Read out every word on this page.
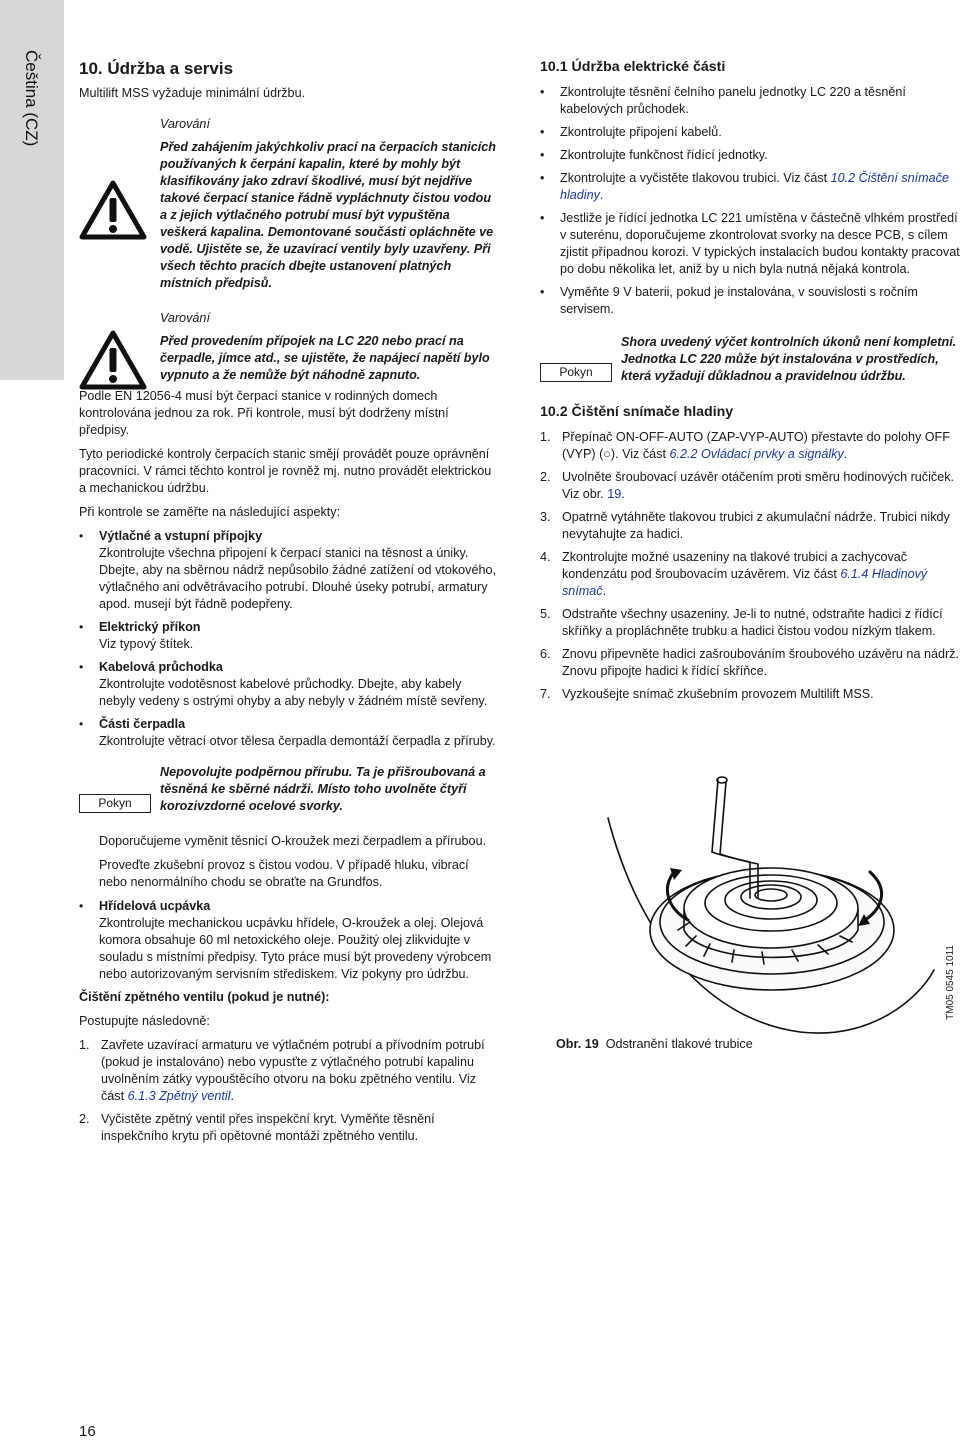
Čeština (CZ) 10. Údržba a servis

Multilift MSS vyžaduje minimální údržbu.

Varování
Před zahájením jakýchkoliv prací na čerpacích stanicích používaných k čerpání kapalin, které by mohly být klasifikovány jako zdraví škodlivé, musí být nejdříve takové čerpací stanice řádně vypláchnuty čistou vodou a z jejich výtlačného potrubí musí být vypuštěna veškerá kapalina. Demontované součásti opláchněte ve vodě. Ujistěte se, že uzavírací ventily byly uzavřeny. Při všech těchto pracích dbejte ustanovení platných místních předpisů.
Varování
Před provedením přípojek na LC 220 nebo prací na čerpadle, jímce atd., se ujistěte, že napájecí napětí bylo vypnuto a že nemůže být náhodně zapnuto.

Podle EN 12056-4 musí být čerpací stanice v rodinných domech kontrolována jednou za rok. Při kontrole, musí být dodrženy místní předpisy.

Tyto periodické kontroly čerpacích stanic smějí provádět pouze oprávnění pracovníci. V rámci těchto kontrol je rovněž mj. nutno provádět elektrickou a mechanickou údržbu.

Při kontrole se zaměřte na následující aspekty:

• Výtlačné a vstupní přípojky
Zkontrolujte všechna připojení k čerpací stanici na těsnost a úniky. Dbejte, aby na sběrnou nádrž nepůsobilo žádné zatížení od vtokového, výtlačného ani odvětrávacího potrubí. Dlouhé úseky potrubí, armatury apod. musejí být řádně podepřeny.
• Elektrický příkon
Viz typový štítek.
• Kabelová průchodka
Zkontrolujte vodotěsnost kabelové průchodky. Dbejte, aby kabely nebyly vedeny s ostrými ohyby a aby nebyly v žádném místě sevřeny.
• Části čerpadla
Zkontrolujte větrací otvor tělesa čerpadla demontáží čerpadla z příruby.
Pokyn
Nepovolujte podpěrnou přírubu. Ta je přišroubovaná a těsněná ke sběrné nádrži. Místo toho uvolněte čtyři korozivzdorné ocelové svorky.

Doporučujeme vyměnit těsnicí O-kroužek mezi čerpadlem a přírubou.

Proveďte zkušební provoz s čistou vodou. V případě hluku, vibrací nebo nenormálního chodu se obraťte na Grundfos.

• Hřídelová ucpávka
Zkontrolujte mechanickou ucpávku hřídele, O-kroužek a olej. Olejová komora obsahuje 60 ml netoxického oleje. Použitý olej zlikvidujte v souladu s místními předpisy. Tyto práce musí být provedeny výrobcem nebo autorizovaným servisním střediskem. Viz pokyny pro údržbu.

Čištění zpětného ventilu (pokud je nutné):

Postupujte následovně:

1. Zavřete uzavírací armaturu ve výtlačném potrubí a přívodním potrubí (pokud je instalováno) nebo vypusťte z výtlačného potrubí kapalinu uvolněním zátky vypouštěcího otvoru na boku zpětného ventilu. Viz část 6.1.3 Zpětný ventil.
2. Vyčistěte zpětný ventil přes inspekční kryt. Vyměňte těsnění inspekčního krytu při opětovné montáži zpětného ventilu.
10.1 Údržba elektrické části
• Zkontrolujte těsnění čelního panelu jednotky LC 220 a těsnění kabelových průchodek.
• Zkontrolujte připojení kabelů.
• Zkontrolujte funkčnost řídící jednotky.
• Zkontrolujte a vyčistěte tlakovou trubici. Viz část 10.2 Čištění snímače hladiny.
• Jestliže je řídící jednotka LC 221 umístěna v částečně vlhkém prostředí v suterénu, doporučujeme zkontrolovat svorky na desce PCB, s cílem zjistit případnou korozi. V typických instalacích budou kontakty pracovat po dobu několika let, aniž by u nich byla nutná nějaká kontrola.
• Vyměňte 9 V baterii, pokud je instalována, v souvislosti s ročním servisem.
Pokyn
Shora uvedený výčet kontrolních úkonů není kompletní. Jednotka LC 220 může být instalována v prostředích, která vyžadují důkladnou a pravidelnou údržbu.
10.2 Čištění snímače hladiny
1. Přepínač ON-OFF-AUTO (ZAP-VYP-AUTO) přestavte do polohy OFF (VYP) (○). Viz část 6.2.2 Ovládací prvky a signálky.
2. Uvolněte šroubovací uzávěr otáčením proti směru hodinových ručiček. Viz obr. 19.
3. Opatrně vytáhněte tlakovou trubici z akumulační nádrže. Trubici nikdy nevytahujte za hadici.
4. Zkontrolujte možné usazeniny na tlakové trubici a zachycovač kondenzátu pod šroubovacím uzávěrem. Viz část 6.1.4 Hladinový snímač.
5. Odstraňte všechny usazeniny. Je-li to nutné, odstraňte hadici z řídící skříňky a propláchněte trubku a hadici čistou vodou nízkým tlakem.
6. Znovu připevněte hadici zašroubováním šroubového uzávěru na nádrž. Znovu připojte hadici k řídící skříňce.
7. Vyzkoušejte snímač zkušebním provozem Multilift MSS.
Obr. 19 Odstranění tlakové trubice
TM05 0545 1011
16
